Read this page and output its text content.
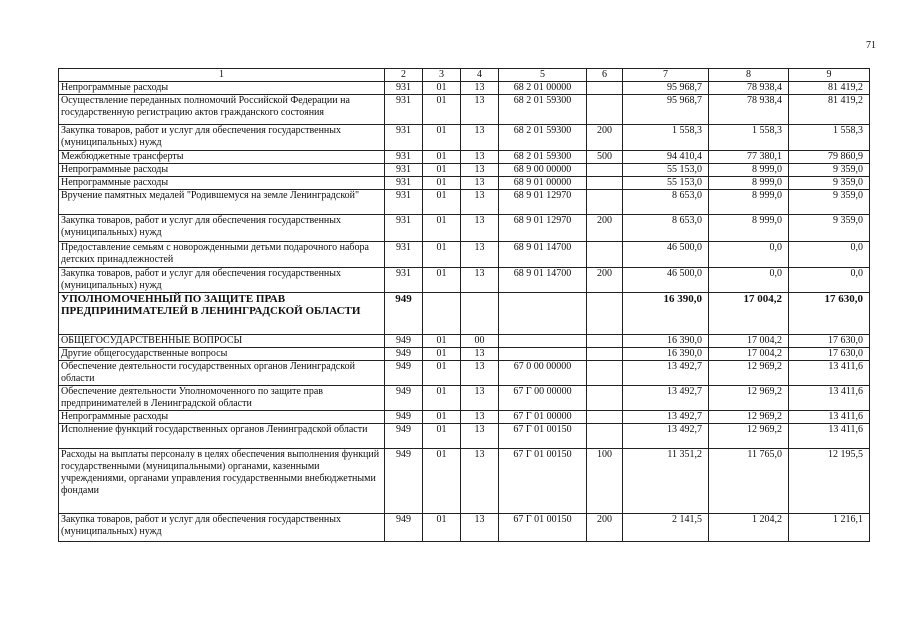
71
1	2	3	4	5	6	7	8	9
Непрограммные расходы	931	01	13	68 2 01 00000		95 968,7	78 938,4	81 419,2
Осуществление переданных полномочий Российской Федерации на государственную регистрацию актов гражданского состояния	931	01	13	68 2 01 59300		95 968,7	78 938,4	81 419,2
Закупка товаров, работ и услуг для обеспечения государственных (муниципальных) нужд	931	01	13	68 2 01 59300	200	1 558,3	1 558,3	1 558,3
Межбюджетные трансферты	931	01	13	68 2 01 59300	500	94 410,4	77 380,1	79 860,9
Непрограммные расходы	931	01	13	68 9 00 00000		55 153,0	8 999,0	9 359,0
Непрограммные расходы	931	01	13	68 9 01 00000		55 153,0	8 999,0	9 359,0
Вручение памятных медалей "Родившемуся на земле Ленинградской"	931	01	13	68 9 01 12970		8 653,0	8 999,0	9 359,0
Закупка товаров, работ и услуг для обеспечения государственных (муниципальных) нужд	931	01	13	68 9 01 12970	200	8 653,0	8 999,0	9 359,0
Предоставление семьям с новорожденными детьми подарочного набора детских принадлежностей	931	01	13	68 9 01 14700		46 500,0	0,0	0,0
Закупка товаров, работ и услуг для обеспечения государственных (муниципальных) нужд	931	01	13	68 9 01 14700	200	46 500,0	0,0	0,0
УПОЛНОМОЧЕННЫЙ ПО ЗАЩИТЕ ПРАВ ПРЕДПРИНИМАТЕЛЕЙ В ЛЕНИНГРАДСКОЙ ОБЛАСТИ	949					16 390,0	17 004,2	17 630,0
ОБЩЕГОСУДАРСТВЕННЫЕ ВОПРОСЫ	949	01	00			16 390,0	17 004,2	17 630,0
Другие общегосударственные вопросы	949	01	13			16 390,0	17 004,2	17 630,0
Обеспечение деятельности государственных органов Ленинградской области	949	01	13	67 0 00 00000		13 492,7	12 969,2	13 411,6
Обеспечение деятельности Уполномоченного по защите прав предпринимателей в Ленинградской области	949	01	13	67 Г 00 00000		13 492,7	12 969,2	13 411,6
Непрограммные расходы	949	01	13	67 Г 01 00000		13 492,7	12 969,2	13 411,6
Исполнение функций государственных органов Ленинградской области	949	01	13	67 Г 01 00150		13 492,7	12 969,2	13 411,6
Расходы на выплаты персоналу в целях обеспечения выполнения функций государственными (муниципальными) органами, казенными учреждениями, органами управления государственными внебюджетными фондами	949	01	13	67 Г 01 00150	100	11 351,2	11 765,0	12 195,5
Закупка товаров, работ и услуг для обеспечения государственных (муниципальных) нужд	949	01	13	67 Г 01 00150	200	2 141,5	1 204,2	1 216,1
